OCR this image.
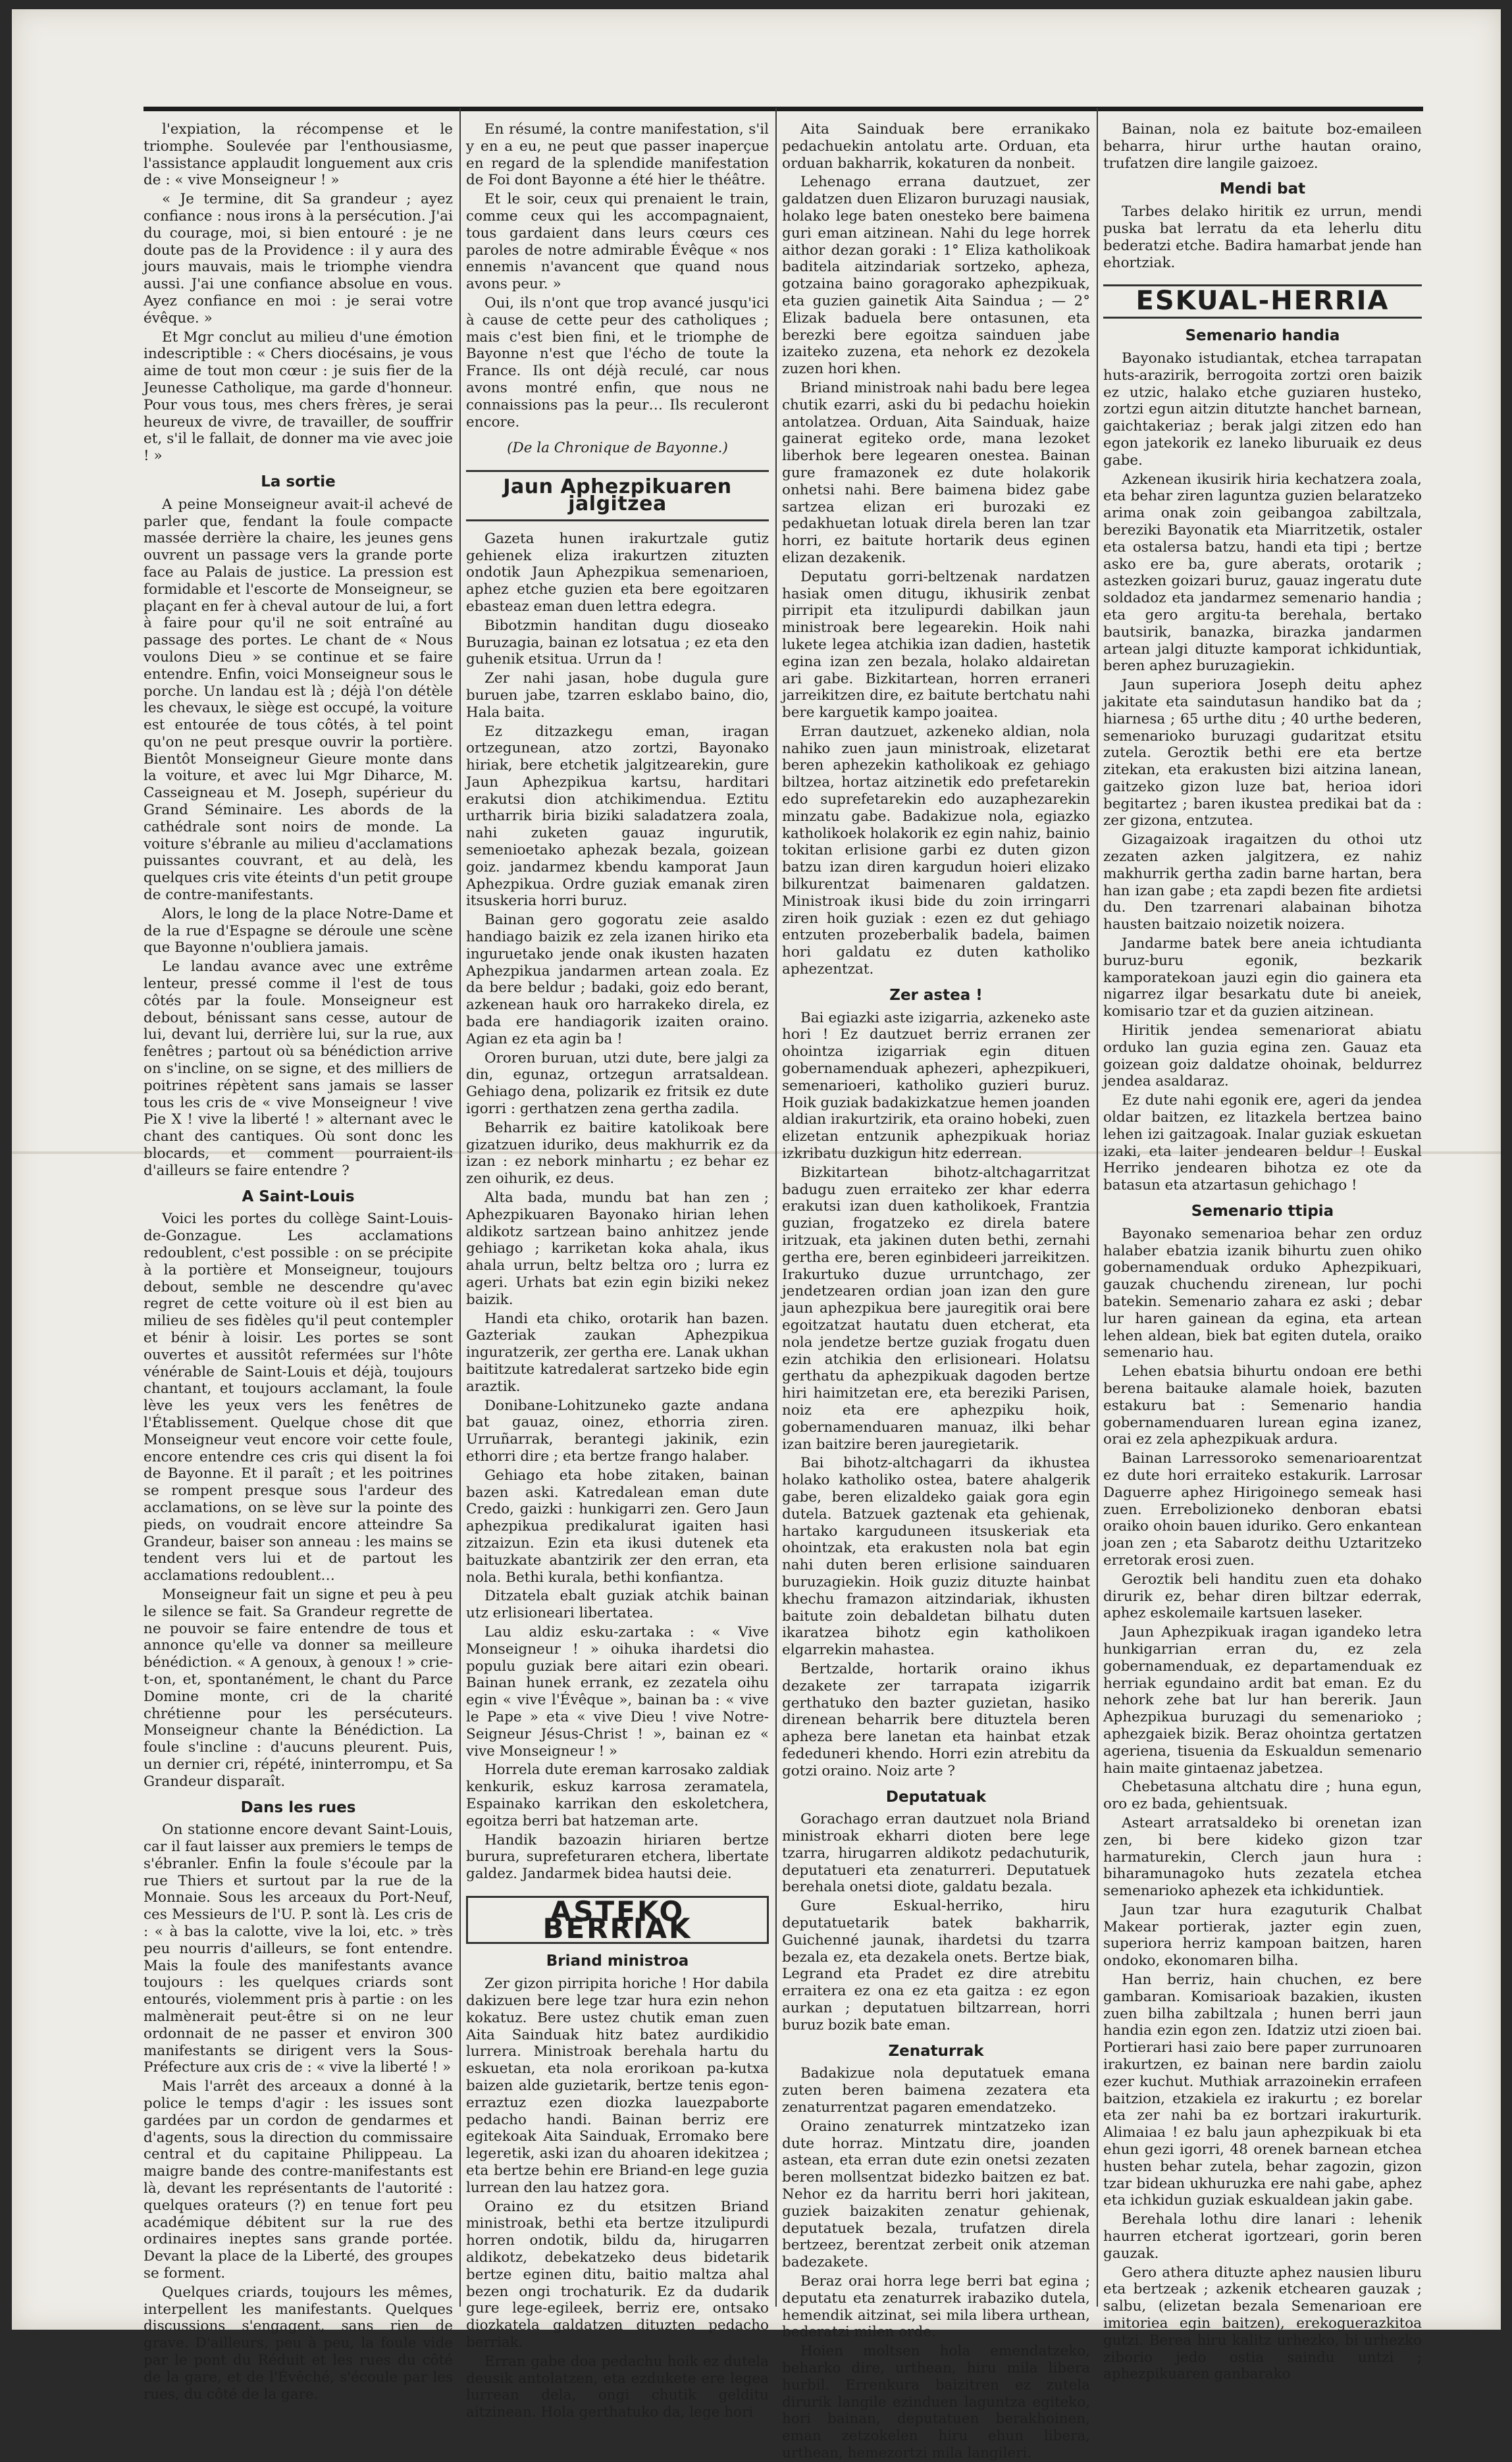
l'expiation, la récompense et le triomphe. Soulevée par l'enthousiasme, l'assistance applaudit longuement aux cris de : « vive Monseigneur ! »

« Je termine, dit Sa grandeur ; ayez confiance : nous irons à la persécution. J'ai du courage, moi, si bien entouré : je ne doute pas de la Providence : il y aura des jours mauvais, mais le triomphe viendra aussi. J'ai une confiance absolue en vous. Ayez confiance en moi : je serai votre évêque. »

Et Mgr conclut au milieu d'une émotion indescriptible : « Chers diocésains, je vous aime de tout mon cœur : je suis fier de la Jeunesse Catholique, ma garde d'honneur. Pour vous tous, mes chers frères, je serai heureux de vivre, de travailler, de souffrir et, s'il le fallait, de donner ma vie avec joie ! »

La sortie

A peine Monseigneur avait-il achevé de parler que, fendant la foule compacte massée derrière la chaire, les jeunes gens ouvrent un passage vers la grande porte face au Palais de justice. La pression est formidable et l'escorte de Monseigneur, se plaçant en fer à cheval autour de lui, a fort à faire pour qu'il ne soit entraîné au passage des portes. Le chant de « Nous voulons Dieu » se continue et se faire entendre. Enfin, voici Monseigneur sous le porche. Un landau est là ; déjà l'on détèle les chevaux, le siège est occupé, la voiture est entourée de tous côtés, à tel point qu'on ne peut presque ouvrir la portière. Bientôt Monseigneur Gieure monte dans la voiture, et avec lui Mgr Diharce, M. Casseigneau et M. Joseph, supérieur du Grand Séminaire. Les abords de la cathédrale sont noirs de monde. La voiture s'ébranle au milieu d'acclamations puissantes couvrant, et au delà, les quelques cris vite éteints d'un petit groupe de contre-manifestants.

Alors, le long de la place Notre-Dame et de la rue d'Espagne se déroule une scène que Bayonne n'oubliera jamais.

Le landau avance avec une extrême lenteur, pressé comme il l'est de tous côtés par la foule. Monseigneur est debout, bénissant sans cesse, autour de lui, devant lui, derrière lui, sur la rue, aux fenêtres ; partout où sa bénédiction arrive on s'incline, on se signe, et des milliers de poitrines répètent sans jamais se lasser tous les cris de « vive Monseigneur ! vive Pie X ! vive la liberté ! » alternant avec le chant des cantiques. Où sont donc les blocards, et comment pourraient-ils d'ailleurs se faire entendre ?

A Saint-Louis

Voici les portes du collège Saint-Louis-de-Gonzague. Les acclamations redoublent, c'est possible : on se précipite à la portière et Monseigneur, toujours debout, semble ne descendre qu'avec regret de cette voiture où il est bien au milieu de ses fidèles qu'il peut contempler et bénir à loisir. Les portes se sont ouvertes et aussitôt refermées sur l'hôte vénérable de Saint-Louis et déjà, toujours chantant, et toujours acclamant, la foule lève les yeux vers les fenêtres de l'Établissement. Quelque chose dit que Monseigneur veut encore voir cette foule, encore entendre ces cris qui disent la foi de Bayonne. Et il paraît ; et les poitrines se rompent presque sous l'ardeur des acclamations, on se lève sur la pointe des pieds, on voudrait encore atteindre Sa Grandeur, baiser son anneau : les mains se tendent vers lui et de partout les acclamations redoublent…

Monseigneur fait un signe et peu à peu le silence se fait. Sa Grandeur regrette de ne pouvoir se faire entendre de tous et annonce qu'elle va donner sa meilleure bénédiction. « A genoux, à genoux ! » crie-t-on, et, spontanément, le chant du Parce Domine monte, cri de la charité chrétienne pour les persécuteurs. Monseigneur chante la Bénédiction. La foule s'incline : d'aucuns pleurent. Puis, un dernier cri, répété, ininterrompu, et Sa Grandeur disparaît.

Dans les rues

On stationne encore devant Saint-Louis, car il faut laisser aux premiers le temps de s'ébranler. Enfin la foule s'écoule par la rue Thiers et surtout par la rue de la Monnaie. Sous les arceaux du Port-Neuf, ces Messieurs de l'U. P. sont là. Les cris de : « à bas la calotte, vive la loi, etc. » très peu nourris d'ailleurs, se font entendre. Mais la foule des manifestants avance toujours : les quelques criards sont entourés, violemment pris à partie : on les malmènerait peut-être si on ne leur ordonnait de ne passer et environ 300 manifestants se dirigent vers la Sous-Préfecture aux cris de : « vive la liberté ! »

Mais l'arrêt des arceaux a donné à la police le temps d'agir : les issues sont gardées par un cordon de gendarmes et d'agents, sous la direction du commissaire central et du capitaine Philippeau. La maigre bande des contre-manifestants est là, devant les représentants de l'autorité : quelques orateurs (?) en tenue fort peu académique débitent sur la rue des ordinaires ineptes sans grande portée. Devant la place de la Liberté, des groupes se forment.

Quelques criards, toujours les mêmes, interpellent les manifestants. Quelques discussions s'engagent, sans rien de grave. D'ailleurs, peu à peu, la foule vide par le pont du Réduit et les rues du côté de la gare, et de l'Évêché, s'écoule par les rues, du côté de la gare.

En résumé, la contre manifestation, s'il y en a eu, ne peut que passer inaperçue en regard de la splendide manifestation de Foi dont Bayonne a été hier le théâtre.

Et le soir, ceux qui prenaient le train, comme ceux qui les accompagnaient, tous gardaient dans leurs cœurs ces paroles de notre admirable Évêque « nos ennemis n'avancent que quand nous avons peur. »

Oui, ils n'ont que trop avancé jusqu'ici à cause de cette peur des catholiques ; mais c'est bien fini, et le triomphe de Bayonne n'est que l'écho de toute la France. Ils ont déjà reculé, car nous avons montré enfin, que nous ne connaissions pas la peur… Ils reculeront encore.

(De la Chronique de Bayonne.)
Jaun Aphezpikuaren jalgitzea

Gazeta hunen irakurtzale gutiz gehienek eliza irakurtzen zituzten ondotik Jaun Aphezpikua semenarioen, aphez etche guzien eta bere egoitzaren ebasteaz eman duen lettra edegra.

Bibotzmin handitan dugu dioseako Buruzagia, bainan ez lotsatua ; ez eta den guhenik etsitua. Urrun da !

Zer nahi jasan, hobe dugula gure buruen jabe, tzarren esklabo baino, dio, Hala baita.

Ez ditzazkegu eman, iragan ortzegunean, atzo zortzi, Bayonako hiriak, bere etchetik jalgitzearekin, gure Jaun Aphezpikua kartsu, harditari erakutsi dion atchikimendua. Eztitu urtharrik biria biziki saladatzera zoala, nahi zuketen gauaz ingurutik, semenioetako aphezak bezala, goizean goiz. jandarmez kbendu kamporat Jaun Aphezpikua. Ordre guziak emanak ziren itsuskeria horri buruz.

Bainan gero gogoratu zeie asaldo handiago baizik ez zela izanen hiriko eta inguruetako jende onak ikusten hazaten Aphezpikua jandarmen artean zoala. Ez da bere beldur ; badaki, goiz edo berant, azkenean hauk oro harrakeko direla, ez bada ere handiagorik izaiten oraino. Agian ez eta agin ba !

Ororen buruan, utzi dute, bere jalgi za din, egunaz, ortzegun arratsaldean. Gehiago dena, polizarik ez fritsik ez dute igorri : gerthatzen zena gertha zadila.

Beharrik ez baitire katolikoak bere gizatzuen iduriko, deus makhurrik ez da izan : ez nebork minhartu ; ez behar ez zen oihurik, ez deus.

Alta bada, mundu bat han zen ; Aphezpikuaren Bayonako hirian lehen aldikotz sartzean baino anhitzez jende gehiago ; karriketan koka ahala, ikus ahala urrun, beltz beltza oro ; lurra ez ageri. Urhats bat ezin egin biziki nekez baizik.

Handi eta chiko, orotarik han bazen. Gazteriak zaukan Aphezpikua inguratzerik, zer gertha ere. Lanak ukhan baititzute katredalerat sartzeko bide egin araztik.

Donibane-Lohitzuneko gazte andana bat gauaz, oinez, ethorria ziren. Urruñarrak, berantegi jakinik, ezin ethorri dire ; eta bertze frango halaber.

Gehiago eta hobe zitaken, bainan bazen aski. Katredalean eman dute Credo, gaizki : hunkigarri zen. Gero Jaun aphezpikua predikalurat igaiten hasi zitzaizun. Ezin eta ikusi dutenek eta baituzkate abantzirik zer den erran, eta nola. Bethi kurala, bethi konfiantza.

Ditzatela ebalt guziak atchik bainan utz erlisioneari libertatea.

Lau aldiz esku-zartaka : « Vive Monseigneur ! » oihuka ihardetsi dio populu guziak bere aitari ezin obeari. Bainan hunek errank, ez zezatela oihu egin « vive l'Évêque », bainan ba : « vive le Pape » eta « vive Dieu ! vive Notre-Seigneur Jésus-Christ ! », bainan ez « vive Monseigneur ! »

Horrela dute ereman karrosako zaldiak kenkurik, eskuz karrosa zeramatela, Espainako karrikan den eskoletchera, egoitza berri bat hatzeman arte.

Handik bazoazin hiriaren bertze burura, suprefeturaren etchera, libertate galdez. Jandarmek bidea hautsi deie.

ASTEKO BERRIAK
Briand ministroa

Zer gizon pirripita horiche ! Hor dabila dakizuen bere lege tzar hura ezin nehon kokatuz. Bere ustez chutik eman zuen Aita Sainduak hitz batez aurdikidio lurrera. Ministroak berehala hartu du eskuetan, eta nola erorikoan pa-kutxa baizen alde guzietarik, bertze tenis egon-erraztuz ezen diozka lauezpaborte pedacho handi. Bainan berriz ere egitekoak Aita Sainduak, Erromako bere legeretik, aski izan du ahoaren idekitzea ; eta bertze behin ere Briand-en lege guzia lurrean den lau hatzez gora.

Oraino ez du etsitzen Briand ministroak, bethi eta bertze itzulipurdi horren ondotik, bildu da, hirugarren aldikotz, debekatzeko deus bidetarik bertze eginen ditu, baitio maltza ahal bezen ongi trochaturik. Ez da dudarik gure lege-egileek, berriz ere, ontsako diozkatela galdatzen dituzten pedacho berriak.

Erran gabe doa pedachu hoik ez dutela deusik antolatzen, eta ezdukete ere legea lurrean dela, ongi chutik gelditu aitzinean. Hola gerthatuko da, lege hori

Aita Sainduak bere erranikako pedachuekin antolatu arte. Orduan, eta orduan bakharrik, kokaturen da nonbeit.

Lehenago erranа dautzuet, zer galdatzen duen Elizaron buruzagi nausiak, holako lege baten onesteko bere baimena guri eman aitzinean. Nahi du lege horrek aithor dezan goraki : 1° Eliza katholikoak baditela aitzindariak sortzeko, apheza, gotzaina baino goragorako aphezpikuak, eta guzien gainetik Aita Saindua ; — 2° Elizak baduela bere ontasunen, eta berezki bere egoitza sainduen jabe izaiteko zuzena, eta nehork ez dezokela zuzen hori khen.

Briand ministroak nahi badu bere legea chutik ezarri, aski du bi pedachu hoiekin antolatzea. Orduan, Aita Sainduak, haize gainerat egiteko orde, mana lezoket liberhok bere legearen onestea. Bainan gure framazonek ez dute holakorik onhetsi nahi. Bere baimena bidez gabe sartzea elizan eri burozaki ez pedakhuetan lotuak direla beren lan tzar horri, ez baitute hortarik deus eginen elizan dezakenik.

Deputatu gorri-beltzenak nardatzen hasiak omen ditugu, ikhusirik zenbat pirripit eta itzulipurdi dabilkan jaun ministroak bere legearekin. Hoik nahi lukete legea atchikia izan dadien, hastetik egina izan zen bezala, holako aldairetan ari gabe. Bizkitartean, horren erraneri jarreikitzen dire, ez baitute bertchatu nahi bere karguetik kampo joaitea.

Erran dautzuet, azkeneko aldian, nola nahiko zuen jaun ministroak, elizetarat beren aphezekin katholikoak ez gehiago biltzea, hortaz aitzinetik edo prefetarekin edo suprefetarekin edo auzaphezarekin minzatu gabe. Badakizue nola, egiazko katholikoek holakorik ez egin nahiz, bainio tokitan erlisione garbi ez duten gizon batzu izan diren kargudun hoieri elizako bilkurentzat baimenaren galdatzen. Ministroak ikusi bide du zoin irringarri ziren hoik guziak : ezen ez dut gehiago entzuten prozeberbalik badela, baimen hori galdatu ez duten katholiko aphezentzat.

Zer astea !

Bai egiazki aste izigarria, azkeneko aste hori ! Ez dautzuet berriz erranen zer ohointza izigarriak egin dituen gobernamenduak aphezeri, aphezpikueri, semenarioeri, katholiko guzieri buruz. Hoik guziak badakizkatzue hemen joanden aldian irakurtzirik, eta oraino hobeki, zuen elizetan entzunik aphezpikuak horiaz izkribatu duzkigun hitz ederrean.

Bizkitartean bihotz-altchagarritzat badugu zuen erraiteko zer khar ederra erakutsi izan duen katholikoek, Frantzia guzian, frogatzeko ez direla batere iritzuak, eta jakinen duten bethi, zernahi gertha ere, beren eginbideeri jarreikitzen. Irakurtuko duzue urruntchago, zer jendetzearen ordian joan izan den gure jaun aphezpikua bere jauregitik orai bere egoitzatzat hautatu duen etcherat, eta nola jendetze bertze guziak frogatu duen ezin atchikia den erlisioneari. Holatsu gerthatu da aphezpikuak dagoden bertze hiri haimitzetan ere, eta bereziki Parisen, noiz eta ere aphezpiku hoik, gobernamenduaren manuaz, ilki behar izan baitzire beren jauregietarik.

Bai bihotz-altchagarri da ikhustea holako katholiko ostea, batere ahalgerik gabe, beren elizaldeko gaiak gora egin dutela. Batzuek gaztenak eta gehienak, hartako karguduneen itsuskeriak eta ohointzak, eta erakusten nola bat egin nahi duten beren erlisione sainduaren buruzagiekin. Hoik guziz dituzte hainbat khechu framazon aitzindariak, ikhusten baitute zoin debaldetan bilhatu duten ikaratzea bihotz egin katholikoen elgarrekin mahastea.

Bertzalde, hortarik oraino ikhus dezakete zer tarrapata izigarrik gerthatuko den bazter guzietan, hasiko direnean beharrik bere dituztela beren apheza bere lanetan eta hainbat etzak fededuneri khendo. Horri ezin atrebitu da gotzi oraino. Noiz arte ?

Deputatuak

Gorachago erran dautzuet nola Briand ministroak ekharri dioten bere lege tzarra, hirugarren aldikotz pedachuturik, deputatueri eta zenaturreri. Deputatuek berehala onetsi diote, galdatu bezala.

Gure Eskual-herriko, hiru deputatuetarik batek bakharrik, Guichenné jaunak, ihardetsi du tzarra bezala ez, eta dezakela onets. Bertze biak, Legrand eta Pradet ez dire atrebitu erraitera ez ona ez eta gaitza : ez egon aurkan ; deputatuen biltzarrean, horri buruz bozik bate eman.

Zenaturrak

Badakizue nola deputatuek emana zuten beren baimena zezatera eta zenaturrentzat pagaren emendatzeko.

Oraino zenaturrek mintzatzeko izan dute horraz. Mintzatu dire, joanden astean, eta erran dute ezin onetsi zezaten beren mollsentzat bidezko baitzen ez bat. Nehor ez da harritu berri hori jakitean, guziek baizakiten zenatur gehienak, deputatuek bezala, trufatzen direla bertzeez, berentzat zerbeit onik atzeman badezakete.

Beraz orai horra lege berri bat egina ; deputatu eta zenaturrek irabaziko dutela, hemendik aitzinat, sei mila libera urthean, bederatzi milen orde.

Hoien moltsen hola emendatzeko, beharko dire, urthean, hiru mila libera hurbil. Errenkura baizitren ez zutela dirurik langile ezinduen laguntza egiteko, hori bainan, deputatuen berakhoinen, eman zetzokelen hiru ehun libera, urthean, hemezortzi mila langileri.

Bainan, nola ez baitute boz-emaileen beharra, hirur urthe hautan oraino, trufatzen dire langile gaizoez.

Mendi bat

Tarbes delako hiritik ez urrun, mendi puska bat lerratu da eta leherlu ditu bederatzi etche. Badira hamarbat jende han ehortziak.

ESKUAL-HERRIA
Semenario handia

Bayonako istudiantak, etchea tarrapatan huts-arazirik, berrogoita zortzi oren baizik ez utzic, halako etche guziaren husteko, zortzi egun aitzin ditutzte hanchet barnean, gaichtakeriaz ; berak jalgi zitzen edo han egon jatekorik ez laneko liburuaik ez deus gabe.

Azkenean ikusirik hiria kechatzera zoala, eta behar ziren laguntza guzien belaratzeko arima onak zoin geibangoa zabiltzala, bereziki Bayonatik eta Miarritzetik, ostaler eta ostalersa batzu, handi eta tipi ; bertze asko ere ba, gure aberats, orotarik ; astezken goizari buruz, gauaz ingeratu dute soldadoz eta jandarmez semenario handia ; eta gero argitu-ta berehala, bertako bautsirik, banazka, birazka jandarmen artean jalgi dituzte kamporat ichkiduntiak, beren aphez buruzagiekin.

Jaun superiora Joseph deitu aphez jakitate eta saindutasun handiko bat da ; hiarnesa ; 65 urthe ditu ; 40 urthe bederen, semenarioko buruzagi gudaritzat etsitu zutela. Geroztik bethi ere eta bertze zitekan, eta erakusten bizi aitzina lanean, gaitzeko gizon luze bat, herioa idori begitartez ; baren ikustea predikai bat da : zer gizona, entzutea.

Gizagaizoak iragaitzen du othoi utz zezaten azken jalgitzera, ez nahiz makhurrik gertha zadin barne hartan, bera han izan gabe ; eta zapdi bezen fite ardietsi du. Den tzarrenari alabainan bihotza hausten baitzaio noizetik noizera.

Jandarme batek bere aneia ichtudianta buruz-buru egonik, bezkarik kamporatekoan jauzi egin dio gainera eta nigarrez ilgar besarkatu dute bi aneiek, komisario tzar et da guzien aitzinean.

Hiritik jendea semenariorat abiatu orduko lan guzia egina zen. Gauaz eta goizean goiz daldatze ohoinak, beldurrez jendea asaldaraz.

Ez dute nahi egonik ere, ageri da jendea oldar baitzen, ez litazkela bertzea baino lehen izi gaitzagoak. Inalar guziak eskuetan izaki, eta laiter jendearen beldur ! Euskal Herriko jendearen bihotza ez ote da batasun eta atzartasun gehichago !

Semenario ttipia

Bayonako semenarioa behar zen orduz halaber ebatzia izanik bihurtu zuen ohiko gobernamenduak orduko Aphezpikuari, gauzak chuchendu zirenean, lur pochi batekin. Semenario zahara ez aski ; debar lur haren gainean da egina, eta artean lehen aldean, biek bat egiten dutela, oraiko semenario hau.

Lehen ebatsia bihurtu ondoan ere bethi berena baitauke alamale hoiek, bazuten estakuru bat : Semenario handia gobernamenduaren lurean egina izanez, orai ez zela aphezpikuak ardura.

Bainan Larressoroko semenarioarentzat ez dute hori erraiteko estakurik. Larrosar Daguerre aphez Hirigoinego semeak hasi zuen. Errebolizioneko denboran ebatsi oraiko ohoin bauen iduriko. Gero enkantean joan zen ; eta Sabarotz deithu Uztaritzeko erretorak erosi zuen.

Geroztik beli handitu zuen eta dohako dirurik ez, behar diren biltzar ederrak, aphez eskolemaile kartsuen laseker.

Jaun Aphezpikuak iragan igandeko letra hunkigarrian erran du, ez zela gobernamenduak, ez departamenduak ez herriak egundaino ardit bat eman. Ez du nehork zehe bat lur han bererik. Jaun Aphezpikua buruzagi du semenarioko ; aphezgaiek bizik. Beraz ohointza gertatzen ageriena, tisuenia da Eskualdun semenario hain maite gintaenaz jabetzea.

Chebetasuna altchatu dire ; huna egun, oro ez bada, gehientsuak.

Asteart arratsaldeko bi orenetan izan zen, bi bere kideko gizon tzar harmaturekin, Clerch jaun hura : biharamunagoko huts zezatela etchea semenarioko aphezek eta ichkiduntiek.

Jaun tzar hura ezaguturik Chalbat Makear portierak, jazter egin zuen, superiora herriz kampoan baitzen, haren ondoko, ekonomaren bilha.

Han berriz, hain chuchen, ez bere gambaran. Komisarioak bazakien, ikusten zuen bilha zabiltzala ; hunen berri jaun handia ezin egon zen. Idatziz utzi zioen bai. Portierari hasi zaio bere paper zurrunoaren irakurtzen, ez bainan nere bardin zaiolu ezer kuchut. Muthiak arrazoinekin errafeen baitzion, etzakiela ez irakurtu ; ez borelar eta zer nahi ba ez bortzari irakurturik. Alimaiaa ! ez balu jaun aphezpikuak bi eta ehun gezi igorri, 48 orenek barnean etchea husten behar zutela, behar zagozin, gizon tzar bidean ukhuruzka ere nahi gabe, aphez eta ichkidun guziak eskualdean jakin gabe.

Berehala lothu dire lanari : lehenik haurren etcherat igortzeari, gorin beren gauzak.

Gero athera dituzte aphez nausien liburu eta bertzeak ; azkenik etchearen gauzak ; salbu, (elizetan bezala Semenarioan ere imitoriea egin baitzen), erekoguerazkitoa gutzi. Berea hiru kalitz urhezko, bi urhezko ziborio jedo ostia saindu untzi ; aphezpikuaren ganbarako
